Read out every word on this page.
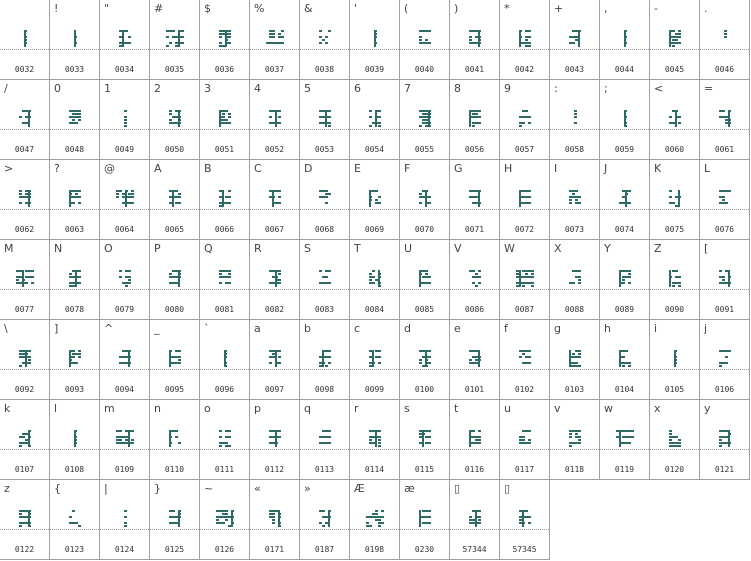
0032
!
0033
"
0034
#
0035
$
0036
%
0037
&
0038
'
0039
(
0040
)
0041
*
0042
+
0043
,
0044
-
0045
.
0046
/
0047
0
0048
1
0049
2
0050
3
0051
4
0052
5
0053
6
0054
7
0055
8
0056
9
0057
:
0058
;
0059
<
0060
=
0061
>
0062
?
0063
@
0064
A
0065
B
0066
C
0067
D
0068
E
0069
F
0070
G
0071
H
0072
I
0073
J
0074
K
0075
L
0076
M
0077
N
0078
O
0079
P
0080
Q
0081
R
0082
S
0083
T
0084
U
0085
V
0086
W
0087
X
0088
Y
0089
Z
0090
[
0091
\
0092
]
0093
^
0094
_
0095
`
0096
a
0097
b
0098
c
0099
d
0100
e
0101
f
0102
g
0103
h
0104
i
0105
j
0106
k
0107
l
0108
m
0109
n
0110
o
0111
p
0112
q
0113
r
0114
s
0115
t
0116
u
0117
v
0118
w
0119
x
0120
y
0121
z
0122
{
0123
|
0124
}
0125
~
0126
«
0171
»
0187
Æ
0198
æ
0230
▯
57344
▯
57345
